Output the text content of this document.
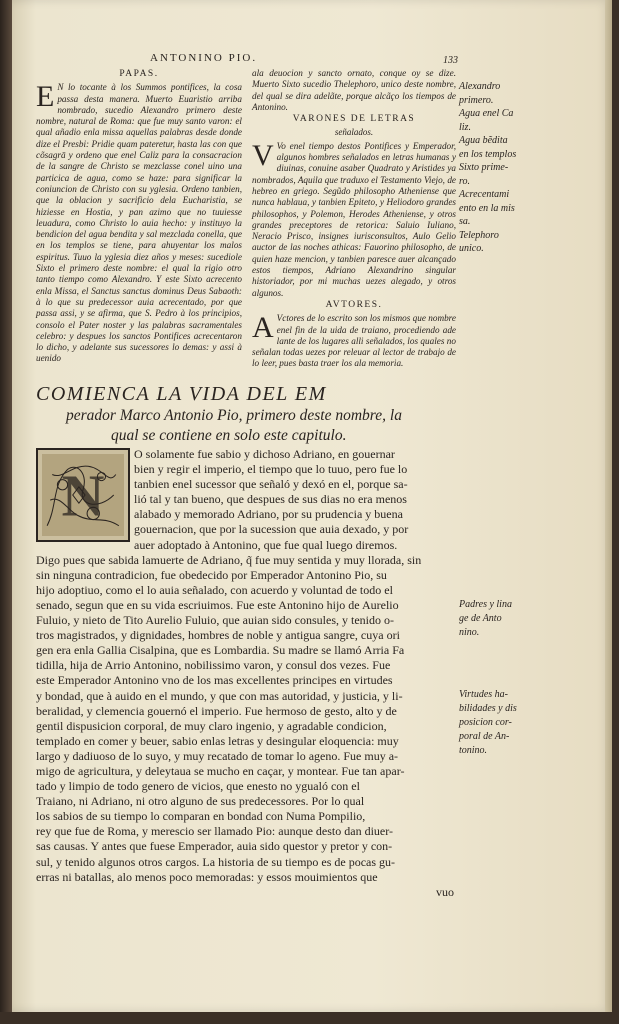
ANTONINO PIO.	133
PAPAS.
E N lo tocante à los Summos pontifices, la cosa passa desta manera. Muerto Euaristio arriba nombrado, sucedio Alexandro primero deste nombre, natural de Roma: que fue muy santo varon: el qual añadio enla missa aquellas palabras desde donde dize el Presbi: Pridie quam pateretur, hasta las con que cõsagrā y ordeno que enel Caliz para la consacracion de la sangre de Christo se mezclasse conel uino una particica de agua, como se haze: para significar la coniuncion de Christo con su yglesia. Ordeno tanbien, que la oblacion y sacrificio dela Eucharistia, se hiziesse en Hostia, y pan azimo que no tuuiesse leuadura, como Christo lo auia hecho: y instituyo la bendicion del agua bendita y sal mezclada conella, que en los templos se tiene, para ahuyentar los malos espiritus. Tuuo la yglesia diez años y meses: sucediole Sixto el primero deste nombre: el qual la rigio otro tanto tiempo como Alexandro. Y este Sixto acrecento enla Missa, el Sanctus sanctus dominus Deus Sabaoth: à lo que su predecessor auia acrecentado, por que passa assi, y se afirma, que S. Pedro à los principios, consolo el Pater noster y las palabras sacramentales celebro: y despues los sanctos Pontifices acrecentaron lo dicho, y adelante sus sucessores lo demas: y assi à uenido
ala deuocion y sancto ornato, conque oy se dize. Muerto Sixto sucedio Thelephoro, unico deste nombre, del qual se dira adelãte, porque alcãço los tiempos de Antonino.
VARONES DE LETRAS
señalados.
V Vo enel tiempo destos Pontifices y Emperador, algunos hombres señalados en letras humanas y diuinas, conuine asaber Quadrato y Aristides ya nombrados, Aquila que traduxo el Testamento Viejo, de hebreo en griego. Segũdo philosopho Atheniense que nunca hablaua, y tanbien Epiteto, y Heliodoro grandes philosophos, y Polemon, Herodes Atheniense, y otros grandes preceptores de retorica: Saluio Iuliano, Neracio Prisco, insignes iurisconsultos, Aulo Gelio auctor de las noches athicas: Fauorino philosopho, de quien haze mencion, y tanbien paresce auer alcançado estos tiempos, Adriano Alexandrino singular historiador, por mi muchas uezes alegado, y otros algunos.
AVTORES.
A Vctores de lo escrito son los mismos que nombre enel fin de la uida de traiano, procediendo ade lante de los lugares alli señalados, los quales no señalan todas uezes por releuar al lector de trabajo de lo leer, pues basta traer los ala memoria.
Alexandro
primero.
Agua enel Ca
liz.
Agua bẽdita
en los templos
Sixto prime-
ro.
Acrecentami
ento en la mis
sa.
Telephoro
unico.
COMIENCA LA VIDA DEL EM
perador Marco Antonio Pio, primero deste nombre, la
qual se contiene en solo este capitulo.
N
O solamente fue sabio y dichoso Adriano, en gouernar
bien y regir el imperio, el tiempo que lo tuuo, pero fue lo
tanbien enel sucessor que señaló y dexó en el, porque sa-
lió tal y tan bueno, que despues de sus dias no era menos
alabado y memorado Adriano, por su prudencia y buena
gouernacion, que por la sucession que auia dexado, y por
auer adoptado à Antonino, que fue qual luego diremos.
Digo pues que sabida lamuerte de Adriano, q̃ fue muy sentida y muy llorada, sin
sin ninguna contradicion, fue obedecido por Emperador Antonino Pio, su
hijo adoptiuo, como el lo auia señalado, con acuerdo y voluntad de todo el
senado, segun que en su vida escriuimos. Fue este Antonino hijo de Aurelio
Fuluio, y nieto de Tito Aurelio Fuluio, que auian sido consules, y tenido o-
tros magistrados, y dignidades, hombres de noble y antigua sangre, cuya ori
gen era enla Gallia Cisalpina, que es Lombardia. Su madre se llamó Arria Fa
tidilla, hija de Arrio Antonino, nobilissimo varon, y consul dos vezes. Fue
este Emperador Antonino vno de los mas excellentes principes en virtudes
y bondad, que à auido en el mundo, y que con mas autoridad, y justicia, y li-
beralidad, y clemencia gouernó el imperio. Fue hermoso de gesto, alto y de
gentil dispusicion corporal, de muy claro ingenio, y agradable condicion,
templado en comer y beuer, sabio enlas letras y desingular eloquencia: muy
largo y dadiuoso de lo suyo, y muy recatado de tomar lo ageno. Fue muy a-
migo de agricultura, y deleytaua se mucho en caçar, y montear. Fue tan apar-
tado y limpio de todo genero de vicios, que enesto no ygualó con el
Traiano, ni Adriano, ni otro alguno de sus predecessores. Por lo qual
los sabios de su tiempo lo comparan en bondad con Numa Pompilio,
rey que fue de Roma, y merescio ser llamado Pio: aunque desto dan diuer-
sas causas. Y antes que fuese Emperador, auia sido questor y pretor y con-
sul, y tenido algunos otros cargos. La historia de su tiempo es de pocas gu-
erras ni batallas, alo menos poco memoradas: y essos mouimientos que
vuo
Padres y lina
ge de Anto
nino.
Virtudes ha-
bilidades y dis
posicion cor-
poral de An-
tonino.
